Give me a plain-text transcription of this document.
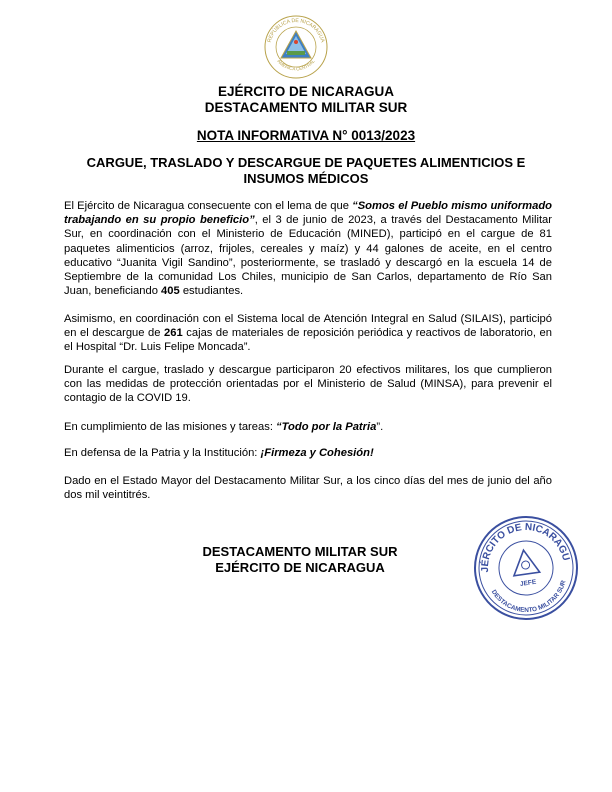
REPÚBLICA DE NICARAGUA
AMÉRICA CENTRAL
EJÉRCITO DE NICARAGUA
DESTACAMENTO MILITAR SUR
NOTA INFORMATIVA N° 0013/2023
CARGUE, TRASLADO Y DESCARGUE DE PAQUETES ALIMENTICIOS E
INSUMOS MÉDICOS
El Ejército de Nicaragua consecuente con el lema de que “Somos el Pueblo mismo uniformado trabajando en su propio beneficio”, el 3 de junio de 2023, a través del Destacamento Militar Sur, en coordinación con el Ministerio de Educación (MINED), participó en el cargue de 81 paquetes alimenticios (arroz, frijoles, cereales y maíz) y 44 galones de aceite, en el centro educativo “Juanita Vigil Sandino”, posteriormente, se trasladó y descargó en la escuela 14 de Septiembre de la comunidad Los Chiles, municipio de San Carlos, departamento de Río San Juan, beneficiando 405 estudiantes.
Asimismo, en coordinación con el Sistema local de Atención Integral en Salud (SILAIS), participó en el descargue de 261 cajas de materiales de reposición periódica y reactivos de laboratorio, en el Hospital “Dr. Luis Felipe Moncada”.
Durante el cargue, traslado y descargue participaron 20 efectivos militares, los que cumplieron con las medidas de protección orientadas por el Ministerio de Salud (MINSA), para prevenir el contagio de la COVID 19.
En cumplimiento de las misiones y tareas: “Todo por la Patria”.
En defensa de la Patria y la Institución: ¡Firmeza y Cohesión!
Dado en el Estado Mayor del Destacamento Militar Sur, a los cinco días del mes de junio del año dos mil veintitrés.
DESTACAMENTO MILITAR SUR
EJÉRCITO DE NICARAGUA
EJÉRCITO DE NICARAGUA
DESTACAMENTO MILITAR SUR
JEFE
